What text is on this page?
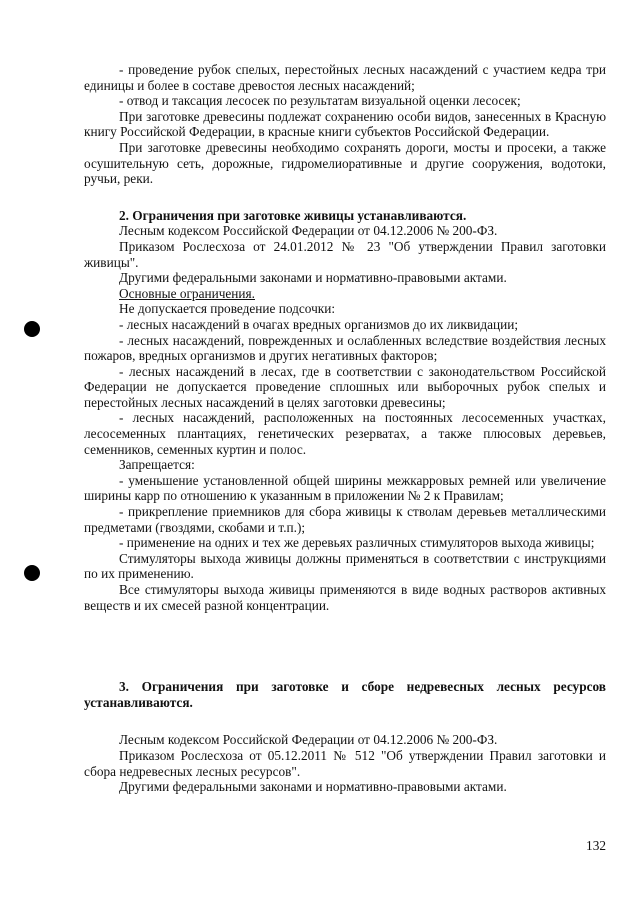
- проведение рубок спелых, перестойных лесных насаждений с участием кедра три единицы и более в составе древостоя лесных насаждений;

- отвод и таксация лесосек по результатам визуальной оценки лесосек;

При заготовке древесины подлежат сохранению особи видов, занесенных в Красную книгу Российской Федерации, в красные книги субъектов Российской Федерации.

При заготовке древесины необходимо сохранять дороги, мосты и просеки, а также осушительную сеть, дорожные, гидромелиоративные и другие сооружения, водотоки, ручьи, реки.

2. Ограничения при заготовке живицы устанавливаются.

Лесным кодексом Российской Федерации от 04.12.2006 № 200-ФЗ.

Приказом Рослесхоза от 24.01.2012 № 23 "Об утверждении Правил заготовки живицы".

Другими федеральными законами и нормативно-правовыми актами.

Основные ограничения.

Не допускается проведение подсочки:

- лесных насаждений в очагах вредных организмов до их ликвидации;

- лесных насаждений, поврежденных и ослабленных вследствие воздействия лесных пожаров, вредных организмов и других негативных факторов;

- лесных насаждений в лесах, где в соответствии с законодательством Российской Федерации не допускается проведение сплошных или выборочных рубок спелых и перестойных лесных насаждений в целях заготовки древесины;

- лесных насаждений, расположенных на постоянных лесосеменных участках, лесосеменных плантациях, генетических резерватах, а также плюсовых деревьев, семенников, семенных куртин и полос.

Запрещается:

- уменьшение установленной общей ширины межкарровых ремней или увеличение ширины карр по отношению к указанным в приложении № 2 к Правилам;

- прикрепление приемников для сбора живицы к стволам деревьев металлическими предметами (гвоздями, скобами и т.п.);

- применение на одних и тех же деревьях различных стимуляторов выхода живицы;

Стимуляторы выхода живицы должны применяться в соответствии с инструкциями по их применению.

Все стимуляторы выхода живицы применяются в виде водных растворов активных веществ и их смесей разной концентрации.

3. Ограничения при заготовке и сборе недревесных лесных ресурсов устанавливаются.

Лесным кодексом Российской Федерации от 04.12.2006 № 200-ФЗ.

Приказом Рослесхоза от 05.12.2011 № 512 "Об утверждении Правил заготовки и сбора недревесных лесных ресурсов".

Другими федеральными законами и нормативно-правовыми актами.

132
